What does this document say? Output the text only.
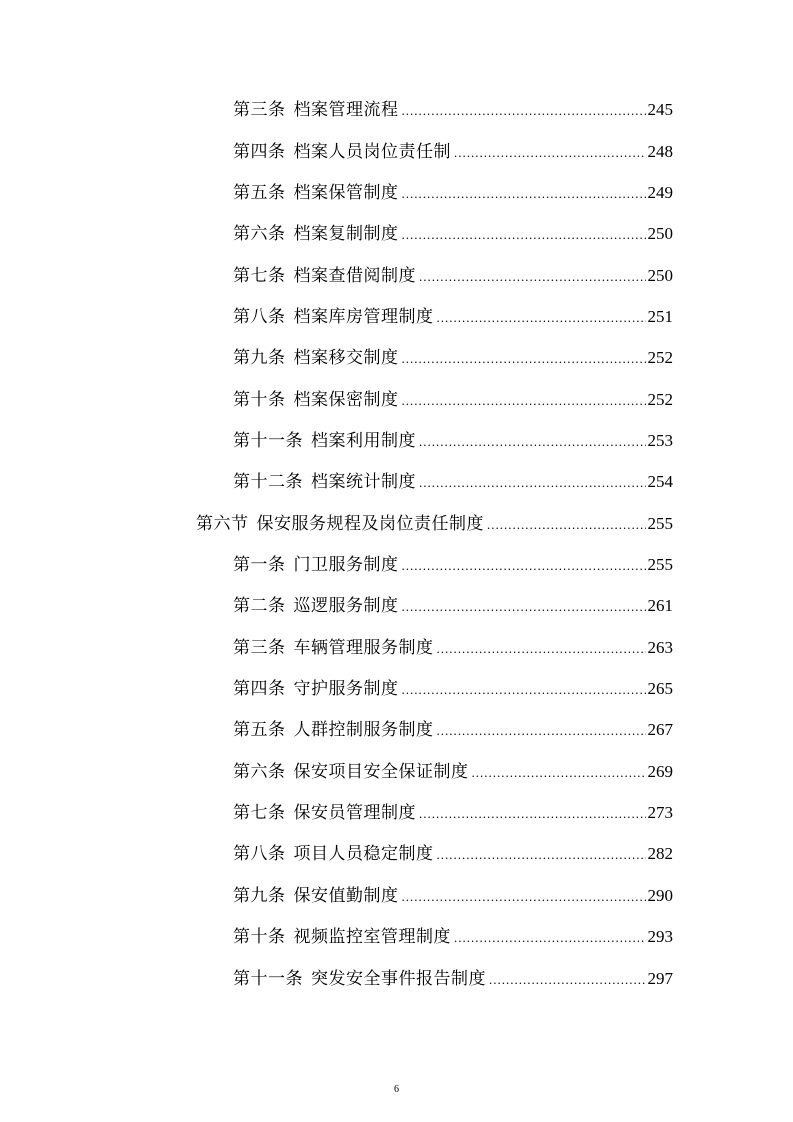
第三条 档案管理流程 .....	245
第四条 档案人员岗位责任制 .....	248
第五条 档案保管制度 .....	249
第六条 档案复制制度 .....	250
第七条 档案查借阅制度 .....	250
第八条 档案库房管理制度 .....	251
第九条 档案移交制度 .....	252
第十条 档案保密制度 .....	252
第十一条 档案利用制度 .....	253
第十二条 档案统计制度 .....	254
第六节 保安服务规程及岗位责任制度 .....	255
第一条 门卫服务制度 .....	255
第二条 巡逻服务制度 .....	261
第三条 车辆管理服务制度 .....	263
第四条 守护服务制度 .....	265
第五条 人群控制服务制度 .....	267
第六条 保安项目安全保证制度 .....	269
第七条 保安员管理制度 .....	273
第八条 项目人员稳定制度 .....	282
第九条 保安值勤制度 .....	290
第十条 视频监控室管理制度 .....	293
第十一条 突发安全事件报告制度 .....	297
6
